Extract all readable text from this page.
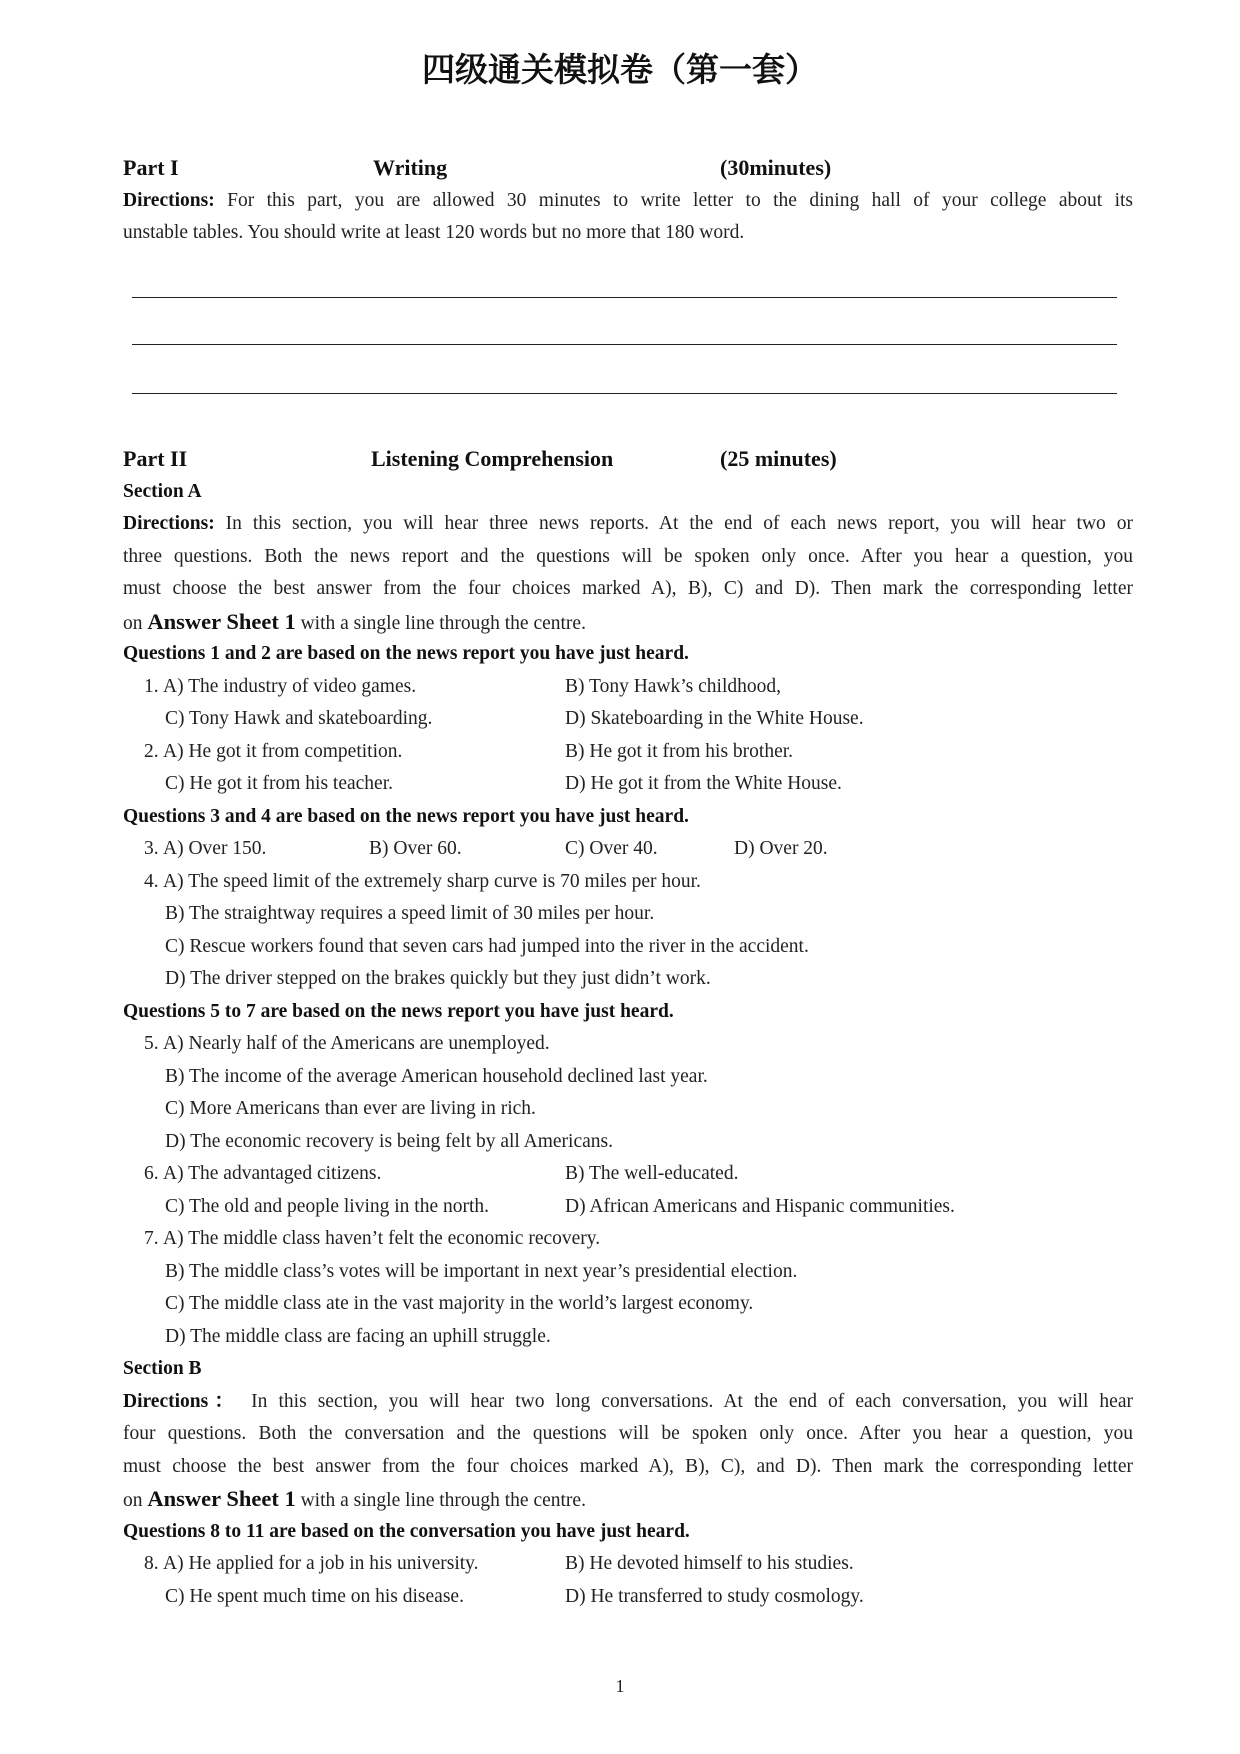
四级通关模拟卷（第一套）
Part I	Writing	(30minutes)
Directions: For this part, you are allowed 30 minutes to write letter to the dining hall of your college about its
unstable tables. You should write at least 120 words but no more that 180 word.
Part II	Listening Comprehension	(25 minutes)
Section A
Directions: In this section, you will hear three news reports. At the end of each news report, you will hear two or
three questions. Both the news report and the questions will be spoken only once. After you hear a question, you
must choose the best answer from the four choices marked A), B), C) and D). Then mark the corresponding letter
on Answer Sheet 1 with a single line through the centre.
Questions 1 and 2 are based on the news report you have just heard.
1. A) The industry of video games.	B) Tony Hawk’s childhood,
C) Tony Hawk and skateboarding.	D) Skateboarding in the White House.
2. A) He got it from competition.	B) He got it from his brother.
C) He got it from his teacher.	D) He got it from the White House.
Questions 3 and 4 are based on the news report you have just heard.
3. A) Over 150.	B) Over 60.	C) Over 40.	D) Over 20.
4. A) The speed limit of the extremely sharp curve is 70 miles per hour.
B) The straightway requires a speed limit of 30 miles per hour.
C) Rescue workers found that seven cars had jumped into the river in the accident.
D) The driver stepped on the brakes quickly but they just didn’t work.
Questions 5 to 7 are based on the news report you have just heard.
5. A) Nearly half of the Americans are unemployed.
B) The income of the average American household declined last year.
C) More Americans than ever are living in rich.
D) The economic recovery is being felt by all Americans.
6. A) The advantaged citizens.	B) The well-educated.
C) The old and people living in the north.	D) African Americans and Hispanic communities.
7. A) The middle class haven’t felt the economic recovery.
B) The middle class’s votes will be important in next year’s presidential election.
C) The middle class ate in the vast majority in the world’s largest economy.
D) The middle class are facing an uphill struggle.
Section B
Directions： In this section, you will hear two long conversations. At the end of each conversation, you will hear
four questions. Both the conversation and the questions will be spoken only once. After you hear a question, you
must choose the best answer from the four choices marked A), B), C), and D). Then mark the corresponding letter
on Answer Sheet 1 with a single line through the centre.
Questions 8 to 11 are based on the conversation you have just heard.
8. A) He applied for a job in his university.	B) He devoted himself to his studies.
C) He spent much time on his disease.	D) He transferred to study cosmology.
1
